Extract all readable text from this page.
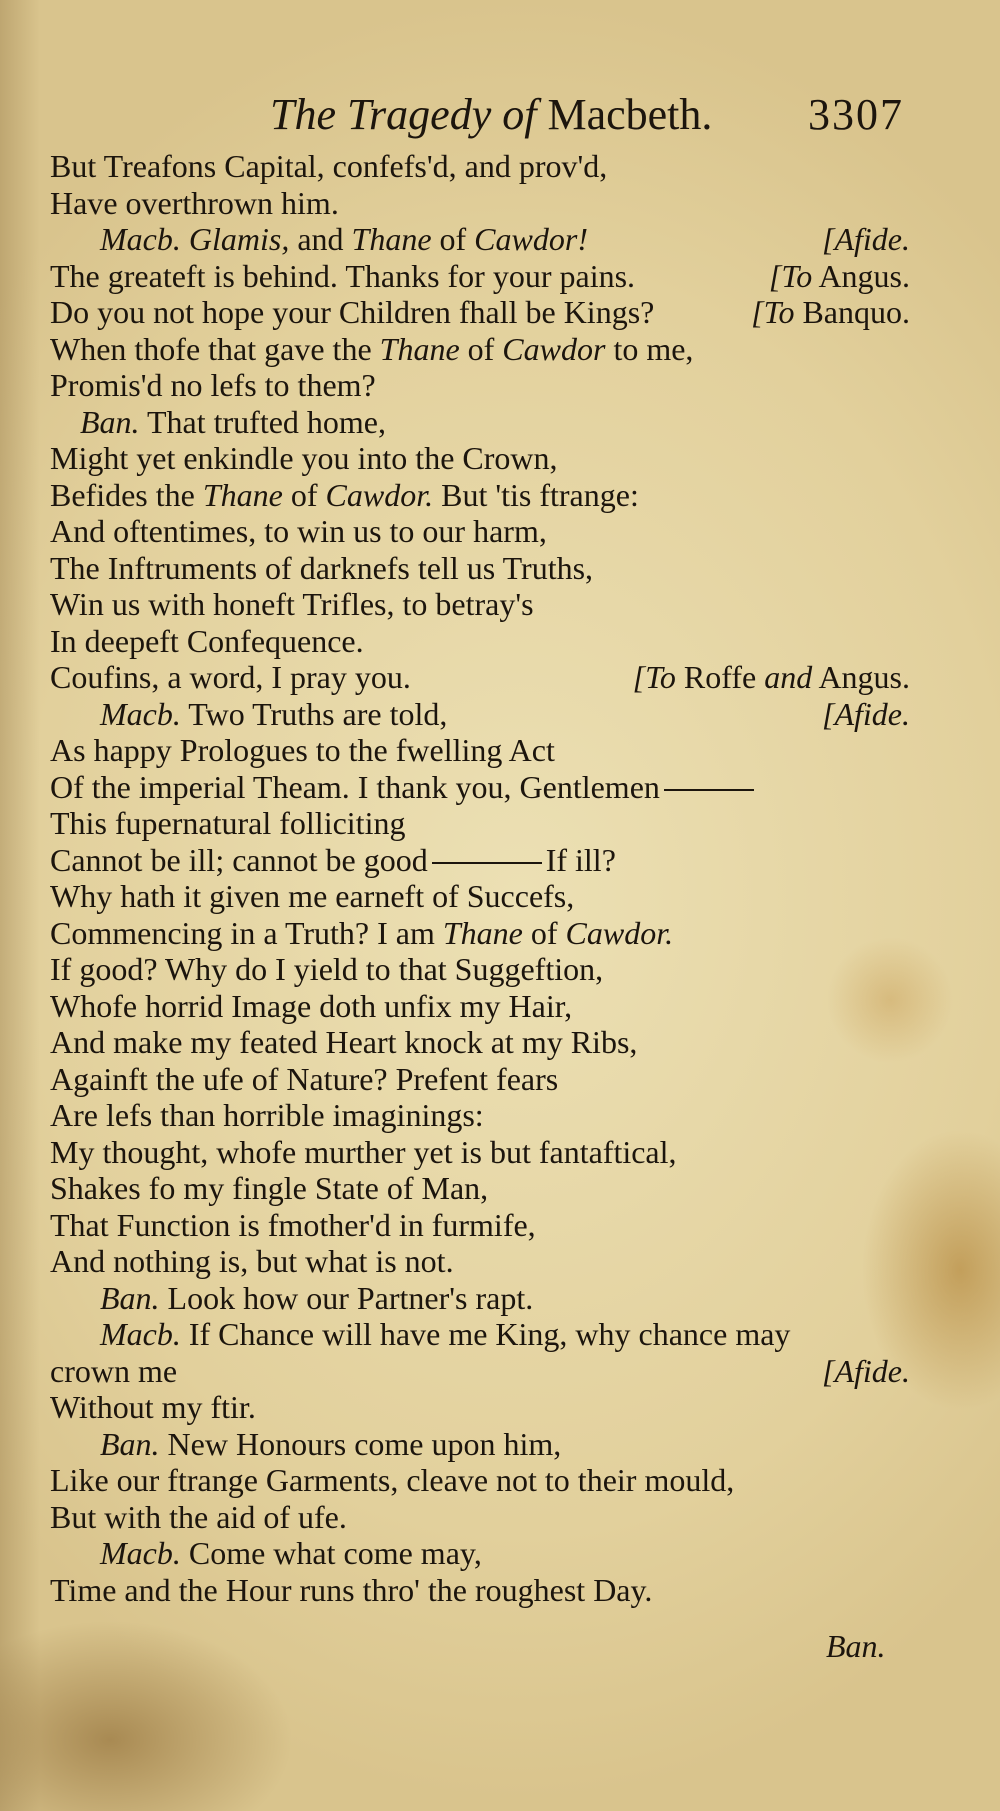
The Tragedy of Macbeth. 3307
But Treafons Capital, confefs'd, and prov'd,
Have overthrown him.
Macb. Glamis, and Thane of Cawdor!	[Afide.
The greateft is behind. Thanks for your pains.	[To Angus.
Do you not hope your Children fhall be Kings?	[To Banquo.
When thofe that gave the Thane of Cawdor to me,
Promis'd no lefs to them?
Ban. That trufted home,
Might yet enkindle you into the Crown,
Befides the Thane of Cawdor. But 'tis ftrange:
And oftentimes, to win us to our harm,
The Inftruments of darknefs tell us Truths,
Win us with honeft Trifles, to betray's
In deepeft Confequence.
Coufins, a word, I pray you.	[To Roffe and Angus.
Macb. Two Truths are told,	[Afide.
As happy Prologues to the fwelling Act
Of the imperial Theam. I thank you, Gentlemen
This fupernatural folliciting
Cannot be ill; cannot be good	If ill?
Why hath it given me earneft of Succefs,
Commencing in a Truth? I am Thane of Cawdor.
If good? Why do I yield to that Suggeftion,
Whofe horrid Image doth unfix my Hair,
And make my feated Heart knock at my Ribs,
Againft the ufe of Nature? Prefent fears
Are lefs than horrible imaginings:
My thought, whofe murther yet is but fantaftical,
Shakes fo my fingle State of Man,
That Function is fmother'd in furmife,
And nothing is, but what is not.
Ban. Look how our Partner's rapt.
Macb. If Chance will have me King, why chance may
crown me	[Afide.
Without my ftir.
Ban. New Honours come upon him,
Like our ftrange Garments, cleave not to their mould,
But with the aid of ufe.
Macb. Come what come may,
Time and the Hour runs thro' the roughest Day.
Ban.
